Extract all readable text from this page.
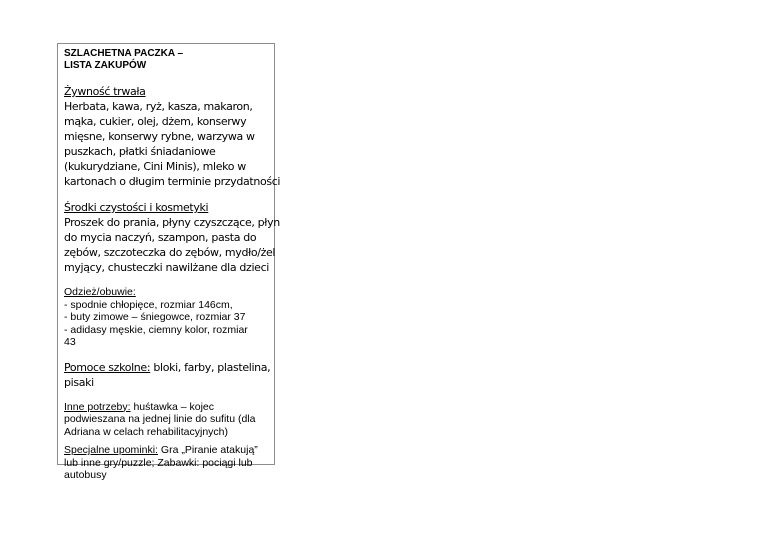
SZLACHETNA PACZKA –
LISTA ZAKUPÓW
Żywność trwała
Herbata, kawa, ryż, kasza, makaron,
mąka, cukier, olej, dżem, konserwy
mięsne, konserwy rybne, warzywa w
puszkach, płatki śniadaniowe
(kukurydziane, Cini Minis), mleko w
kartonach o długim terminie przydatności
Środki czystości i kosmetyki
Proszek do prania, płyny czyszczące, płyn
do mycia naczyń, szampon, pasta do
zębów, szczoteczka do zębów, mydło/żel
myjący, chusteczki nawilżane dla dzieci
Odzież/obuwie:
- spodnie chłopięce, rozmiar 146cm,
- buty zimowe – śniegowce, rozmiar 37
- adidasy męskie, ciemny kolor, rozmiar
43
Pomoce szkolne: bloki, farby, plastelina,
pisaki
Inne potrzeby: huśtawka – kojec
podwieszana na jednej linie do sufitu (dla
Adriana w celach rehabilitacyjnych)
Specjalne upominki: Gra „Piranie atakują”
lub inne gry/puzzle; Zabawki: pociągi lub
autobusy
